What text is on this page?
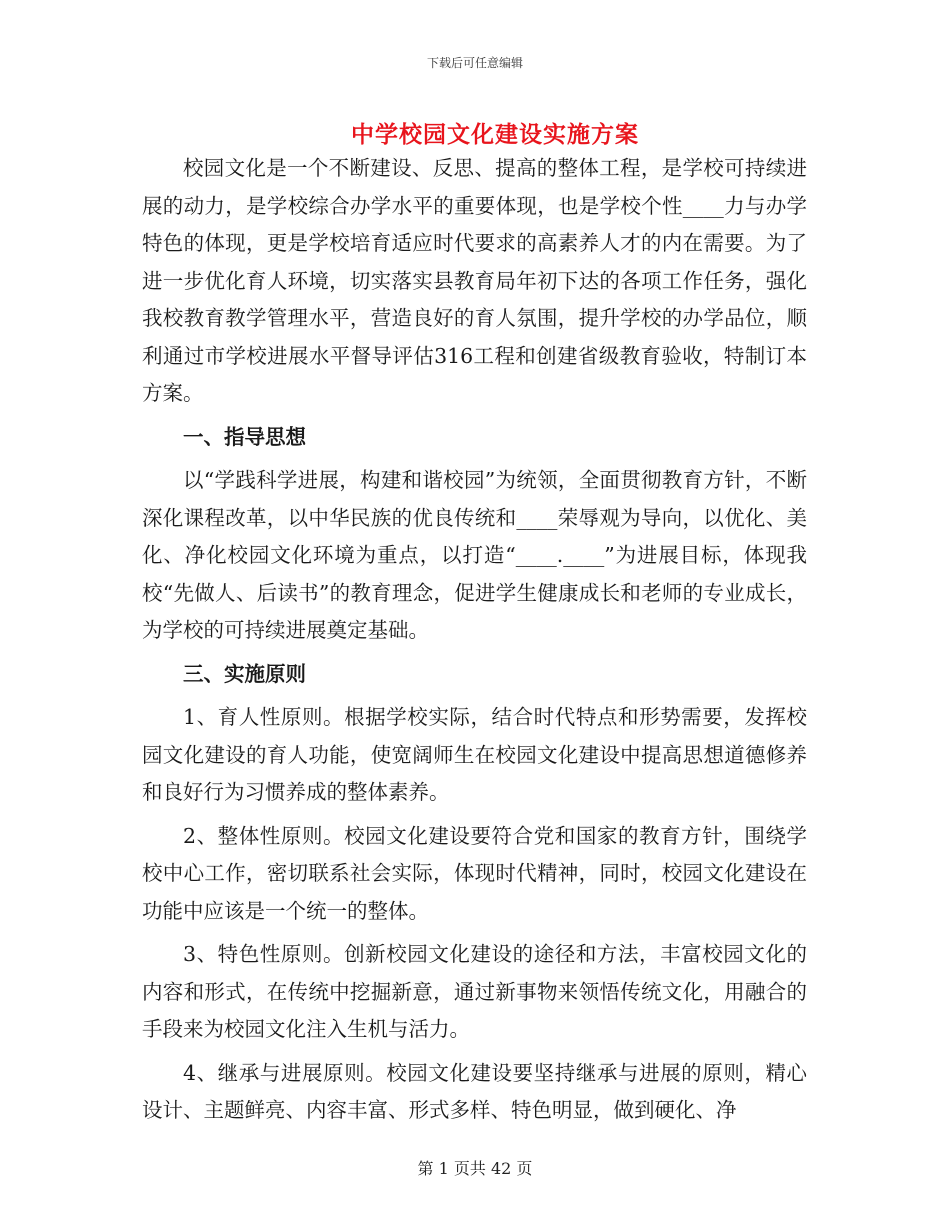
下载后可任意编辑
中学校园文化建设实施方案

校园文化是一个不断建设、反思、提高的整体工程，是学校可持续进展的动力，是学校综合办学水平的重要体现，也是学校个性____力与办学特色的体现，更是学校培育适应时代要求的高素养人才的内在需要。为了进一步优化育人环境，切实落实县教育局年初下达的各项工作任务，强化我校教育教学管理水平，营造良好的育人氛围，提升学校的办学品位，顺利通过市学校进展水平督导评估316工程和创建省级教育验收，特制订本方案。

一、指导思想

以“学践科学进展，构建和谐校园”为统领，全面贯彻教育方针，不断深化课程改革，以中华民族的优良传统和____荣辱观为导向，以优化、美化、净化校园文化环境为重点，以打造“____.____”为进展目标，体现我校“先做人、后读书”的教育理念，促进学生健康成长和老师的专业成长，为学校的可持续进展奠定基础。

三、实施原则

1、育人性原则。根据学校实际，结合时代特点和形势需要，发挥校园文化建设的育人功能，使宽阔师生在校园文化建设中提高思想道德修养和良好行为习惯养成的整体素养。

2、整体性原则。校园文化建设要符合党和国家的教育方针，围绕学校中心工作，密切联系社会实际，体现时代精神，同时，校园文化建设在功能中应该是一个统一的整体。

3、特色性原则。创新校园文化建设的途径和方法，丰富校园文化的内容和形式，在传统中挖掘新意，通过新事物来领悟传统文化，用融合的手段来为校园文化注入生机与活力。

4、继承与进展原则。校园文化建设要坚持继承与进展的原则，精心设计、主题鲜亮、内容丰富、形式多样、特色明显，做到硬化、净

第 1 页共 42 页
